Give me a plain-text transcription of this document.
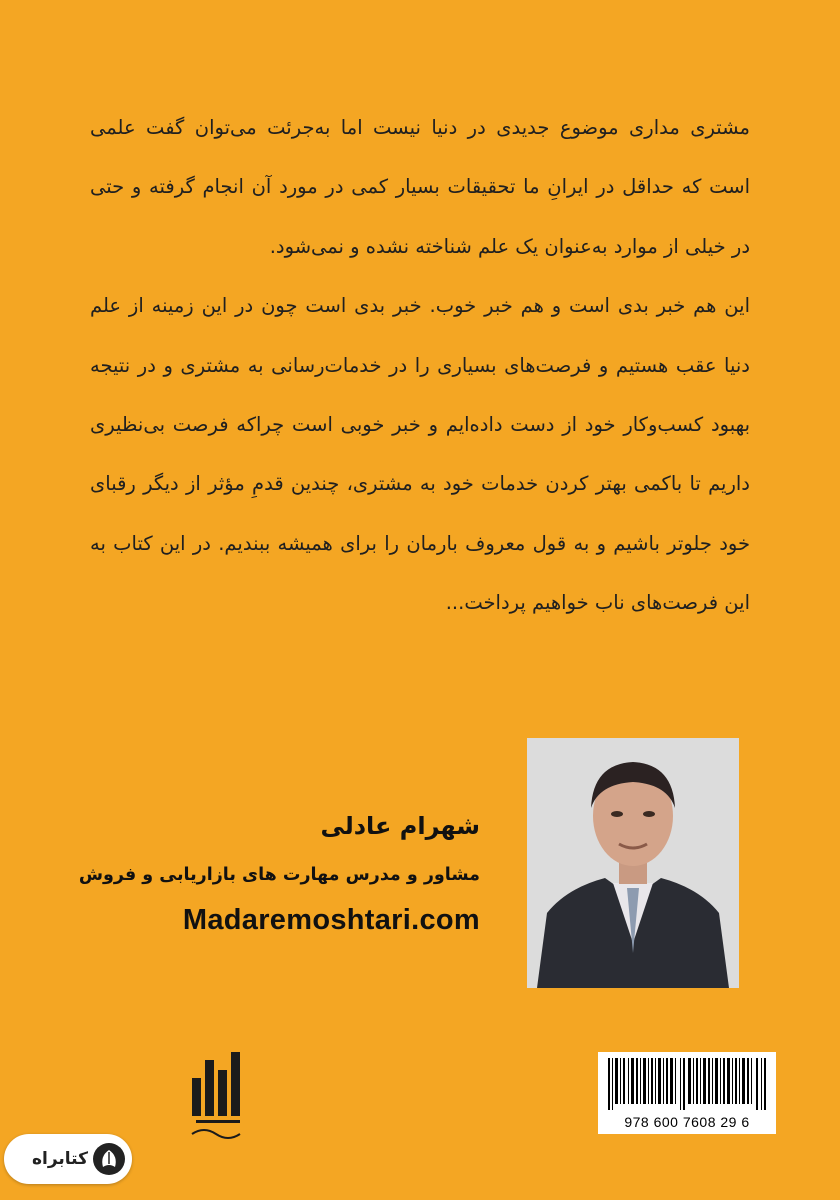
مشتری مداری موضوع جدیدی در دنیا نیست اما به‌جرئت می‌توان گفت علمی است که حداقل در ایرانِ ما تحقیقات بسیار کمی در مورد آن انجام گرفته و حتی در خیلی از موارد به‌عنوان یک علم شناخته نشده و نمی‌شود.

این هم خبر بدی است و هم خبر خوب. خبر بدی است چون در این زمینه از علم دنیا عقب هستیم و فرصت‌های بسیاری را در خدمات‌رسانی به مشتری و در نتیجه بهبود کسب‌وکار خود از دست داده‌ایم و خبر خوبی است چراکه فرصت بی‌نظیری داریم تا باکمی بهتر کردن خدمات خود به مشتری، چندین قدمِ مؤثر از دیگر رقبای خود جلوتر باشیم و به قول معروف بارمان را برای همیشه ببندیم. در این کتاب به این فرصت‌های ناب خواهیم پرداخت...

شهرام عادلی
مشاور و مدرس مهارت های بازاریابی و فروش
Madaremoshtari.com
978 600 7608 29 6
کتابراه
